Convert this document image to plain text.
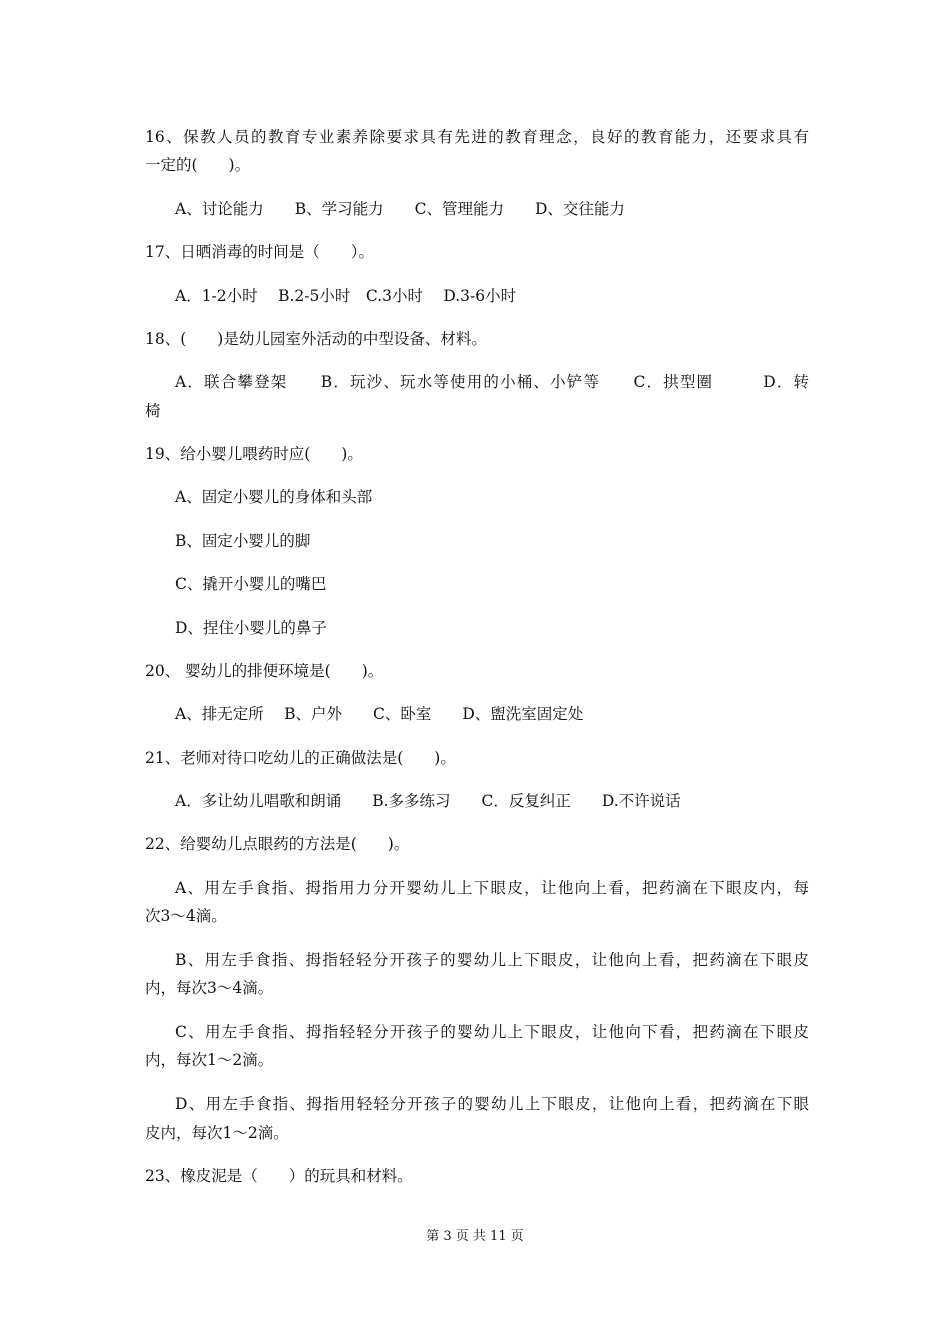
16、保教人员的教育专业素养除要求具有先进的教育理念，良好的教育能力，还要求具有
一定的(　　)。
A、讨论能力　　B、学习能力　　C、管理能力　　D、交往能力
17、日晒消毒的时间是（　　）。
A．1-2小时　 B.2-5小时　C.3小时　 D.3-6小时
18、(　　)是幼儿园室外活动的中型设备、材料。
A．联合攀登架　　B．玩沙、玩水等使用的小桶、小铲等　　C．拱型圈　　　D．转
椅
19、给小婴儿喂药时应(　　)。
A、固定小婴儿的身体和头部
B、固定小婴儿的脚
C、撬开小婴儿的嘴巴
D、捏住小婴儿的鼻子
20、 婴幼儿的排便环境是(　　)。
A、排无定所　 B、户外　　C、卧室　　D、盥洗室固定处
21、老师对待口吃幼儿的正确做法是(　　)。
A．多让幼儿唱歌和朗诵　　B.多多练习　　C．反复纠正　　D.不许说话
22、给婴幼儿点眼药的方法是(　　)。
A、用左手食指、拇指用力分开婴幼儿上下眼皮，让他向上看，把药滴在下眼皮内，每
次3～4滴。
B、用左手食指、拇指轻轻分开孩子的婴幼儿上下眼皮，让他向上看，把药滴在下眼皮
内，每次3～4滴。
C、用左手食指、拇指轻轻分开孩子的婴幼儿上下眼皮，让他向下看，把药滴在下眼皮
内，每次1～2滴。
D、用左手食指、拇指用轻轻分开孩子的婴幼儿上下眼皮，让他向上看，把药滴在下眼
皮内，每次1～2滴。
23、橡皮泥是（　　）的玩具和材料。
第 3 页 共 11 页
